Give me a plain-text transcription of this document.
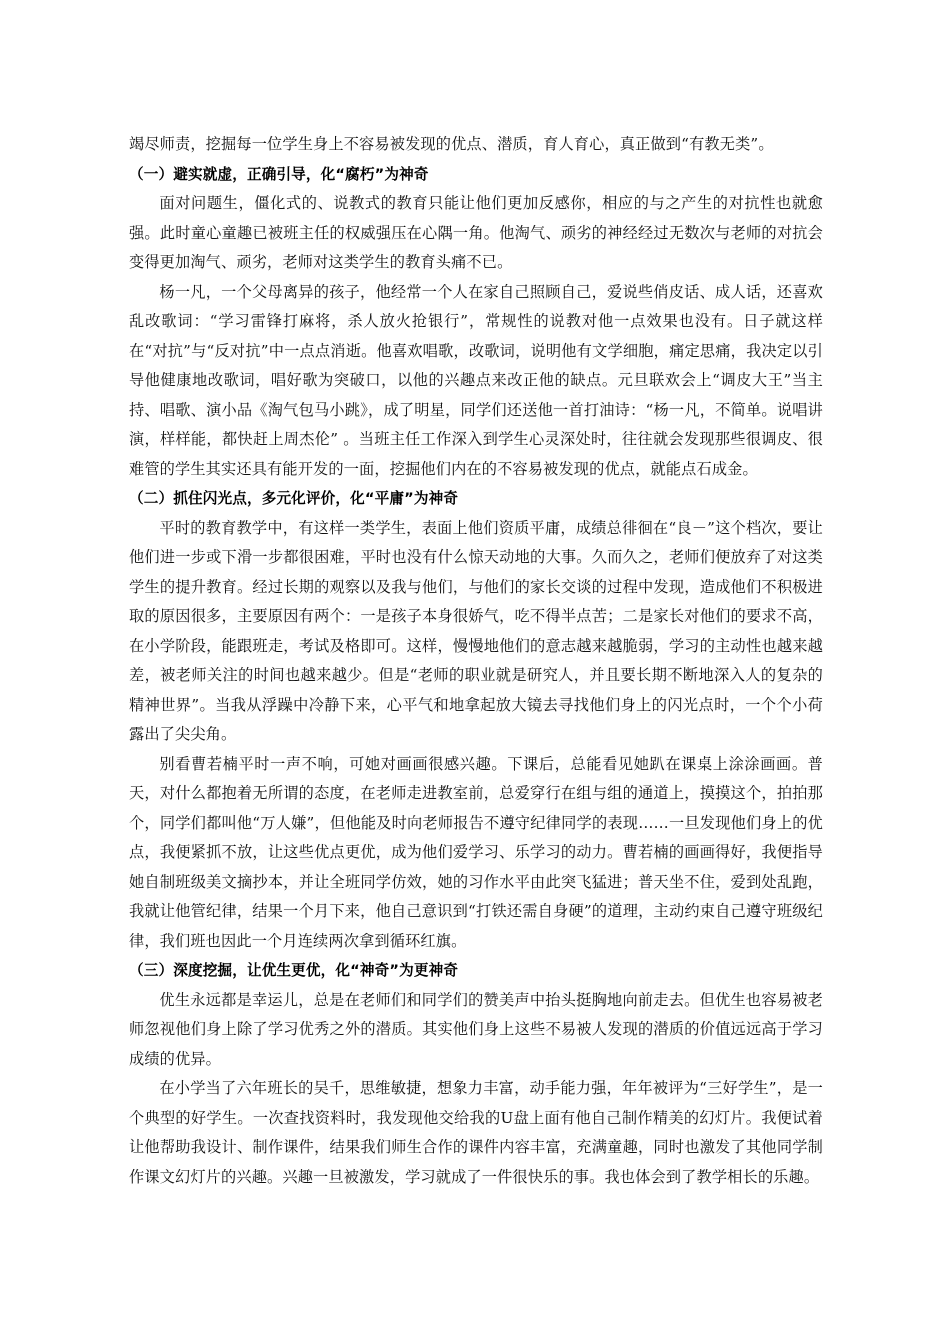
竭尽师责，挖掘每一位学生身上不容易被发现的优点、潜质，育人育心，真正做到“有教无类”。

（一）避实就虚，正确引导，化“腐朽”为神奇

面对问题生，僵化式的、说教式的教育只能让他们更加反感你，相应的与之产生的对抗性也就愈强。此时童心童趣已被班主任的权威强压在心隅一角。他淘气、顽劣的神经经过无数次与老师的对抗会变得更加淘气、顽劣，老师对这类学生的教育头痛不已。

杨一凡，一个父母离异的孩子，他经常一个人在家自己照顾自己，爱说些俏皮话、成人话，还喜欢乱改歌词：“学习雷锋打麻将，杀人放火抢银行”，常规性的说教对他一点效果也没有。日子就这样在“对抗”与“反对抗”中一点点消逝。他喜欢唱歌，改歌词，说明他有文学细胞，痛定思痛，我决定以引导他健康地改歌词，唱好歌为突破口，以他的兴趣点来改正他的缺点。元旦联欢会上“调皮大王”当主持、唱歌、演小品《淘气包马小跳》，成了明星，同学们还送他一首打油诗：“杨一凡，不简单。说唱讲演，样样能，都快赶上周杰伦” 。当班主任工作深入到学生心灵深处时，往往就会发现那些很调皮、很难管的学生其实还具有能开发的一面，挖掘他们内在的不容易被发现的优点，就能点石成金。

（二）抓住闪光点，多元化评价，化“平庸”为神奇

平时的教育教学中，有这样一类学生，表面上他们资质平庸，成绩总徘徊在“良－”这个档次，要让他们进一步或下滑一步都很困难，平时也没有什么惊天动地的大事。久而久之，老师们便放弃了对这类学生的提升教育。经过长期的观察以及我与他们，与他们的家长交谈的过程中发现，造成他们不积极进取的原因很多，主要原因有两个：一是孩子本身很娇气，吃不得半点苦；二是家长对他们的要求不高，在小学阶段，能跟班走，考试及格即可。这样，慢慢地他们的意志越来越脆弱，学习的主动性也越来越差，被老师关注的时间也越来越少。但是“老师的职业就是研究人，并且要长期不断地深入人的复杂的精神世界”。当我从浮躁中冷静下来，心平气和地拿起放大镜去寻找他们身上的闪光点时，一个个小荷露出了尖尖角。

别看曹若楠平时一声不响，可她对画画很感兴趣。下课后，总能看见她趴在课桌上涂涂画画。普天，对什么都抱着无所谓的态度，在老师走进教室前，总爱穿行在组与组的通道上，摸摸这个，拍拍那个，同学们都叫他“万人嫌”，但他能及时向老师报告不遵守纪律同学的表现……一旦发现他们身上的优点，我便紧抓不放，让这些优点更优，成为他们爱学习、乐学习的动力。曹若楠的画画得好，我便指导她自制班级美文摘抄本，并让全班同学仿效，她的习作水平由此突飞猛进；普天坐不住，爱到处乱跑，我就让他管纪律，结果一个月下来，他自己意识到“打铁还需自身硬”的道理，主动约束自己遵守班级纪律，我们班也因此一个月连续两次拿到循环红旗。

（三）深度挖掘，让优生更优，化“神奇”为更神奇

优生永远都是幸运儿，总是在老师们和同学们的赞美声中抬头挺胸地向前走去。但优生也容易被老师忽视他们身上除了学习优秀之外的潜质。其实他们身上这些不易被人发现的潜质的价值远远高于学习成绩的优异。

在小学当了六年班长的吴千，思维敏捷，想象力丰富，动手能力强，年年被评为“三好学生”，是一个典型的好学生。一次查找资料时，我发现他交给我的U盘上面有他自己制作精美的幻灯片。我便试着让他帮助我设计、制作课件，结果我们师生合作的课件内容丰富，充满童趣，同时也激发了其他同学制作课文幻灯片的兴趣。兴趣一旦被激发，学习就成了一件很快乐的事。我也体会到了教学相长的乐趣。
